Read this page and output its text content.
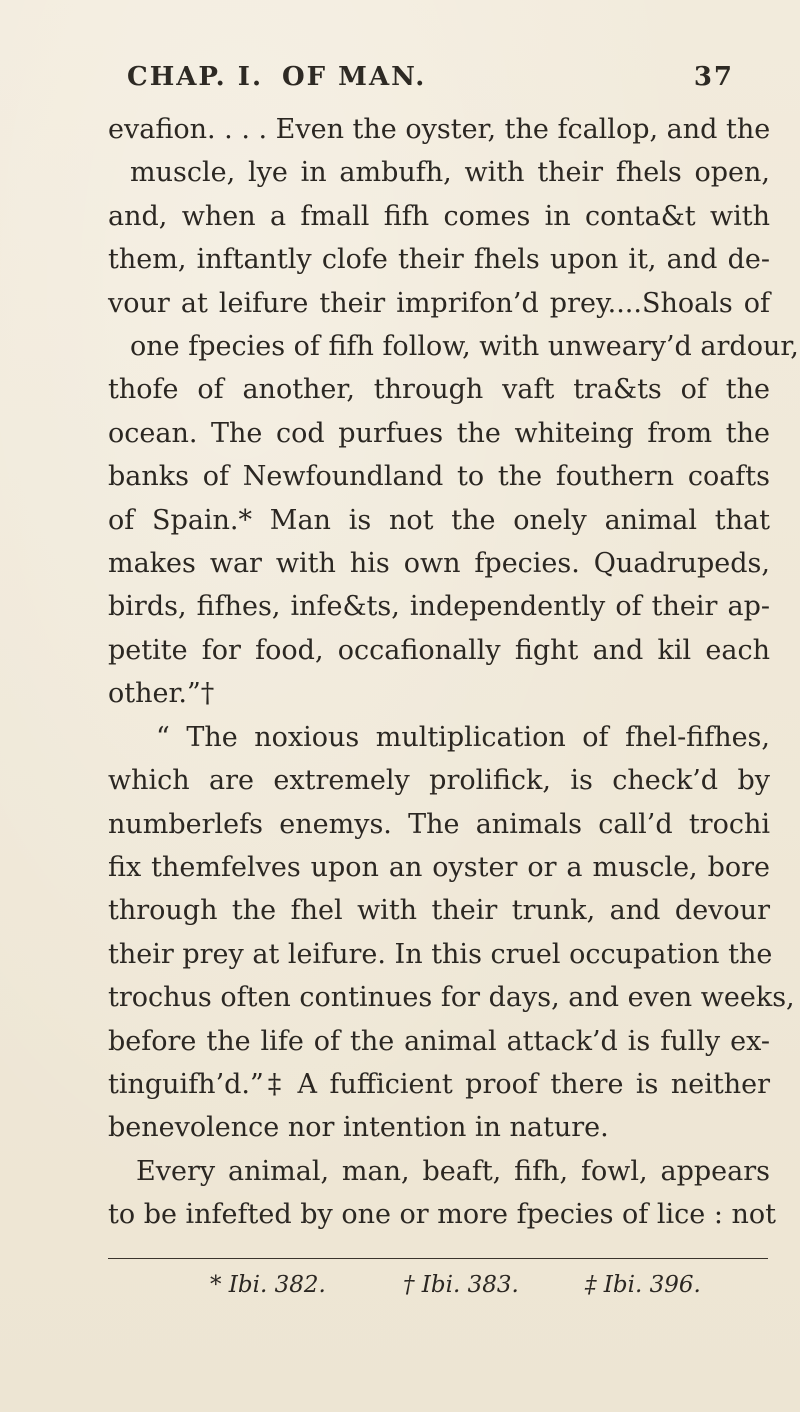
CHAP. I. OF MAN.	37
evafion. . . . Even the oyster, the fcallop, and the
muscle, lye in ambufh, with their fhels open,
and, when a fmall fifh comes in conta&t with
them, inftantly clofe their fhels upon it, and de-
vour at leifure their imprifon’d prey....Shoals of
one fpecies of fifh follow, with unweary’d ardour,
thofe of another, through vaft tra&ts of the
ocean. The cod purfues the whiteing from the
banks of Newfoundland to the fouthern coafts
of Spain.* Man is not the onely animal that
makes war with his own fpecies. Quadrupeds,
birds, fifhes, infe&ts, independently of their ap-
petite for food, occafionally fight and kil each
other.”†
“ The noxious multiplication of fhel-fifhes,
which are extremely prolifick, is check’d by
numberlefs enemys. The animals call’d trochi
fix themfelves upon an oyster or a muscle, bore
through the fhel with their trunk, and devour
their prey at leifure. In this cruel occupation the
trochus often continues for days, and even weeks,
before the life of the animal attack’d is fully ex-
tinguifh’d.”‡ A fufficient proof there is neither
benevolence nor intention in nature.
Every animal, man, beaft, fifh, fowl, appears
to be infefted by one or more fpecies of lice : not
* Ibi. 382.	† Ibi. 383.	‡ Ibi. 396.
